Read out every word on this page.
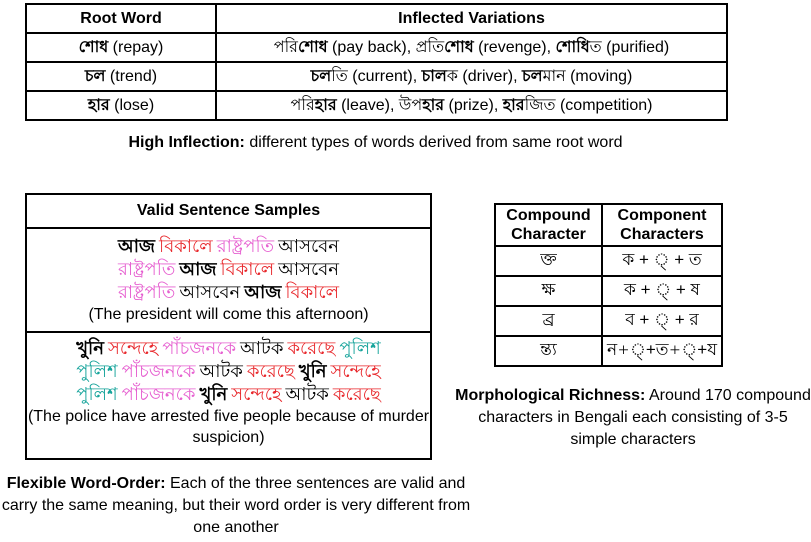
Root Word	Inflected Variations
শোধ (repay)	পরিশোধ (pay back), প্রতিশোধ (revenge), শোধিত (purified)
চল (trend)	চলতি (current), চালক (driver), চলমান (moving)
হার (lose)	পরিহার (leave), উপহার (prize), হারজিত (competition)
High Inflection: different types of words derived from same root word
Valid Sentence Samples
আজ বিকালে রাষ্ট্রপতি আসবেন
রাষ্ট্রপতি আজ বিকালে আসবেন
রাষ্ট্রপতি আসবেন আজ বিকালে
(The president will come this afternoon)
খুনি সন্দেহে পাঁচজনকে আটক করেছে পুলিশ
পুলিশ পাঁচজনকে আটক করেছে খুনি সন্দেহে
পুলিশ পাঁচজনকে খুনি সন্দেহে আটক করেছে
(The police have arrested five people because of murder suspicion)
Flexible Word-Order: Each of the three sentences are valid and carry the same meaning, but their word order is very different from one another
Compound Character	Component Characters
ক্ত	ক + ্ + ত
ক্ষ	ক + ্ + ষ
ব্র	ব + ্ + র
ন্ত্য	ন+্+ত+্+য
Morphological Richness: Around 170 compound characters in Bengali each consisting of 3-5 simple characters
